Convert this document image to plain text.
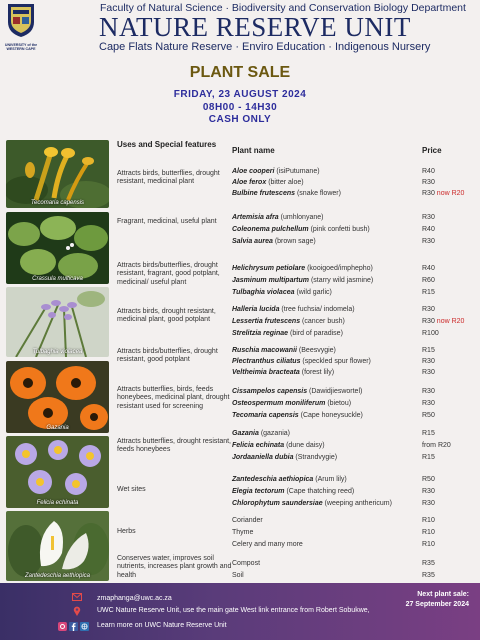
UNIVERSITY of the
WESTERN CAPE
Faculty of Natural Science · Biodiversity and Conservation Biology Department
NATURE RESERVE UNIT
Cape Flats Nature Reserve · Enviro Education · Indigenous Nursery
PLANT SALE
FRIDAY, 23 AUGUST 2024
08H00 - 14H30
CASH ONLY
Tecomaria capensis
Crassula multicava
Tulbaghia violacea
Gazania
Felicia echinata
Zantedeschia aethiopica
Uses and Special features
Plant name	Price
Attracts birds, butterflies, drought resistant, medicinal plant
Aloe cooperi (isiPutumane)	R40
Aloe ferox (bitter aloe)	R30
Bulbine frutescens (snake flower)	R30 now R20
Fragrant, medicinal, useful plant
Artemisia afra (umhlonyane)	R30
Coleonema pulchellum (pink confetti bush)	R40
Salvia aurea (brown sage)	R30
Attracts birds/butterflies, drought resistant, fragrant, good potplant, medicinal/ useful plant
Helichrysum petiolare (kooigoed/imphepho)	R40
Jasminum multipartum (starry wild jasmine)	R60
Tulbaghia violacea (wild garlic)	R15
Attracts birds, drought resistant, medicinal plant, good potplant
Halleria lucida (tree fuchsia/ indomela)	R30
Lessertia frutescens (cancer bush)	R30 now R20
Strelitzia reginae (bird of paradise)	R100
Attracts birds/butterflies, drought resistant, good potplant
Ruschia macowanii (Beesvygie)	R15
Plectranthus ciliatus (speckled spur flower)	R30
Veltheimia bracteata (forest lily)	R30
Attracts butterflies, birds, feeds honeybees, medicinal plant, drought resistant used for screening
Cissampelos capensis (Dawidjieswortel)	R30
Osteospermum moniliferum (bietou)	R30
Tecomaria capensis (Cape honeysuckle)	R50
Attracts butterflies, drought resistant, feeds honeybees
Gazania (gazania)	R15
Felicia echinata (dune daisy)	from R20
Jordaaniella dubia (Strandvygie)	R15
Wet sites
Zantedeschia aethiopica (Arum lily)	R50
Elegia tectorum (Cape thatching reed)	R30
Chlorophytum saundersiae (weeping anthericum)	R30
Herbs
Coriander	R10
Thyme	R10
Celery and many more	R10
Conserves water, improves soil nutrients, increases plant growth and health
Compost	R35
Soil	R35
zmaphanga@uwc.ac.za
UWC Nature Reserve Unit, use the main gate West link entrance from Robert Sobukwe,
Learn more on UWC Nature Reserve Unit
Next plant sale:
27 September 2024
